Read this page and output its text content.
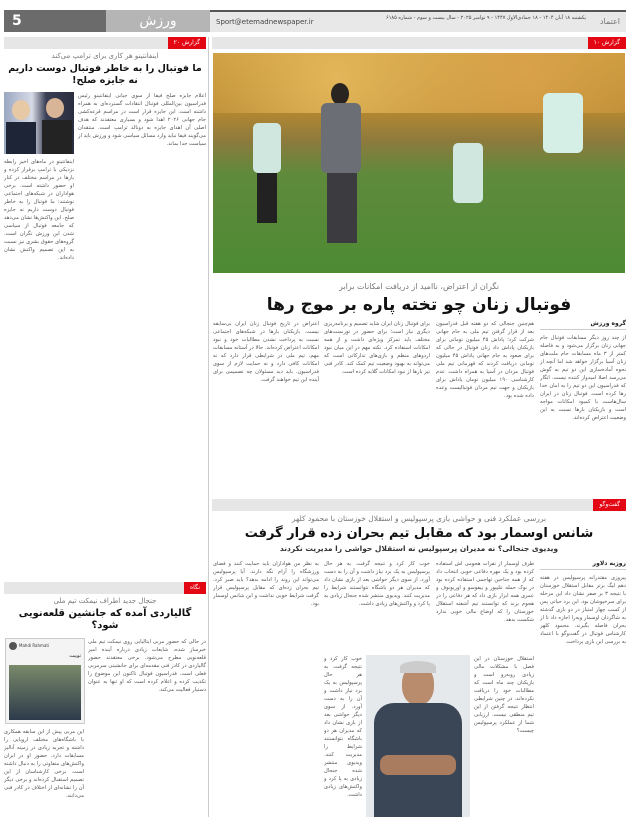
5	ورزش	Sport@etemadnewspaper.ir	یکشنبه ۱۸ آبان ۱۴۰۴ - ۱۸ جمادی‌الاول ۱۴۴۷ - ۹ نوامبر ۲۰۲۵ - سال بیست و سوم - شماره ۶۱۸۵ اعتماد
گزارش ۲۰
اینفانتینو هر کاری برای ترامپ می‌کند
ما فوتبال را به خاطر فوتبال دوست داریم نه جایزه صلح!
اعلام جایزه صلح فیفا از سوی جیانی اینفانتینو رئیس فدراسیون بین‌المللی فوتبال انتقادات گسترده‌ای به همراه داشته است. این جایزه قرار است در مراسم قرعه‌کشی جام جهانی ۲۰۲۶ اهدا شود و بسیاری معتقدند که هدف اصلی آن اهدای جایزه به دونالد ترامپ است. منتقدان می‌گویند فیفا نباید وارد مسائل سیاسی شود و ورزش باید از سیاست جدا بماند.
اینفانتینو در ماه‌های اخیر رابطه نزدیکی با ترامپ برقرار کرده و بارها در مراسم مختلف در کنار او حضور داشته است. برخی هواداران در شبکه‌های اجتماعی نوشتند: ما فوتبال را به خاطر فوتبال دوست داریم نه جایزه صلح. این واکنش‌ها نشان می‌دهد که جامعه فوتبال از سیاسی شدن این ورزش نگران است. گروه‌های حقوق بشری نیز نسبت به این تصمیم واکنش نشان داده‌اند.
نگاه
جنجال جدید اطراف نیمکت تیم ملی
گالیاردی آمده که جانشین قلعه‌نویی شود؟
Mahdi Rahmati
توییت
در حالی که حضور مربی ایتالیایی روی نیمکت تیم ملی خبرساز شده، شایعات زیادی درباره آینده امیر قلعه‌نویی مطرح می‌شود. برخی معتقدند حضور گالیاردی در کادر فنی مقدمه‌ای برای جانشینی سرمربی فعلی است. فدراسیون فوتبال تاکنون این موضوع را تکذیب کرده و اعلام کرده است که او تنها به عنوان دستیار فعالیت می‌کند.
این مربی پیش از این سابقه همکاری با باشگاه‌های مختلف اروپایی را داشته و تجربه زیادی در زمینه آنالیز مسابقات دارد. حضور او در ایران واکنش‌های متفاوتی را به دنبال داشته است. برخی کارشناسان از این تصمیم استقبال کرده‌اند و برخی دیگر آن را نشانه‌ای از اختلاف در کادر فنی می‌دانند.
گزارش ۱۰
نگران از اعتراض، ناامید از دریافت امکانات برابر
فوتبال زنان چو تخته پاره بر موج رها
گروه ورزش
از چند روز دیگر مسابقات فوتبال جام جهانی زنان برگزار می‌شود و به فاصله کمتر از ۳ ماه مسابقات جام ملت‌های زنان آسیا برگزار خواهد شد اما آنچه از نحوه آماده‌سازی این دو تیم به گوش می‌رسد اصلا امیدوار کننده نیست. انگار که فدراسیون این دو تیم را به امان خدا رها کرده است. فوتبال زنان در ایران سال‌هاست با کمبود امکانات مواجه است و بازیکنان بارها نسبت به این وضعیت اعتراض کرده‌اند.
هم‌چنین جنجالی که دو هفته قبل فدراسیون بعد از قرار گرفتن تیم ملی به جام جهانی شرکت کرد؛ پاداش ۴۵ میلیون تومانی برای بازیکنان پاداش داد زنان فوتبال در حالی که برای صعود به جام جهانی پاداش ۴۵ میلیون تومانی دریافت کردند که قهرمانی تیم ملی فوتبال مردان در آسیا به همراه داشت. عدم کارشناسی ۱۹۰ میلیون تومان پاداش برای بازیکنان و جهت تیم مردان فوتبالیست وعده داده شده بود.
برای فوتبال زنان ایران شاید تصمیم و برنامه‌ریزی دیگری نیاز است؛ برای حضور در تورنمنت‌های مختلف باید تمرکز ویژه‌ای داشت و از همه امکانات استفاده کرد. نکته مهم در این میان نبود اردوهای منظم و بازی‌های تدارکاتی است که می‌تواند به بهبود وضعیت تیم کمک کند. کادر فنی نیز بارها از نبود امکانات گلایه کرده است.
اعتراض در تاریخ فوتبال زنان ایران بی‌سابقه نیست. بازیکنان بارها در شبکه‌های اجتماعی نسبت به پرداخت نشدن مطالبات خود و نبود امکانات اعتراض کرده‌اند. حالا در آستانه مسابقات مهم، تیم ملی در شرایطی قرار دارد که نه امکانات کافی دارد و نه حمایت لازم از سوی فدراسیون. باید دید مسئولان چه تصمیمی برای آینده این تیم خواهند گرفت.
گفت‌وگو
بررسی عملکرد فنی و حواشی بازی پرسپولیس و استقلال خوزستان با محمود کلهر
شانس اوسمار بود که مقابل تیم بحران زده قرار گرفت
ویدیوی جنجالی؟ نه مدیران پرسپولیس نه استقلال حواشی را مدیریت نکردند
روزبه دلاور
پیروزی مقتدرانه پرسپولیس در هفته دهم لیگ برتر مقابل استقلال خوزستان با نتیجه ۳ بر صفر نشان داد این مرحله برای سرخپوشان بود. این برد حیاتی پس از کسب چهار امتیاز در دو بازی گذشته به شاگردان اوسمار ویه‌را اجازه داد تا از بحران فاصله بگیرند. محمود کلهر کارشناس فوتبال در گفت‌وگو با اعتماد به بررسی این بازی پرداخت.
طرف اوسمار از نفرات هجومی اش استفاده کرده بود و یک مهره دفاعی خوبی انتخاب داد که از همه جناحین تهاجمی استفاده کرده بود در نوک حمله علیپور و ییفوسو و اوریونوف و عمری همه ابزار بازی داد که هر دفاعی را در هجوم بزند که توانستند تیم آشفته استقلال خوزستان را که اوضاع مالی خوبی ندارد شکست بدهد.
خوب کار کرد و نتیجه گرفت. به هر حال پرسپولیس به یک برد نیاز داشت و آن را به دست آورد. از سوی دیگر حواشی بعد از بازی نشان داد که مدیران هر دو باشگاه نتوانستند شرایط را مدیریت کنند. ویدیوی منتشر شده جنجال زیادی به پا کرد و واکنش‌های زیادی داشت.
به نظر من هواداران باید حمایت کنند و فضای ورزشگاه را آرام نگه دارند. آیا پرسپولیس می‌تواند این روند را ادامه بدهد؟ باید صبر کرد. تیم بحران زده‌ای که مقابل پرسپولیس قرار گرفت شرایط خوبی نداشت و این شانس اوسمار بود.
استقلال خوزستان در این فصل با مشکلات مالی زیادی روبه‌رو است و بازیکنان چند ماه است که مطالبات خود را دریافت نکرده‌اند. در چنین شرایطی انتظار نتیجه گرفتن از این تیم منطقی نیست. ارزیابی شما از عملکرد پرسپولیس چیست؟
خوب کار کرد و نتیجه گرفت. به هر حال پرسپولیس به یک برد نیاز داشت و آن را به دست آورد. از سوی دیگر حواشی بعد از بازی نشان داد که مدیران هر دو باشگاه نتوانستند شرایط را مدیریت کنند. ویدیوی منتشر شده جنجال زیادی به پا کرد و واکنش‌های زیادی داشت.
